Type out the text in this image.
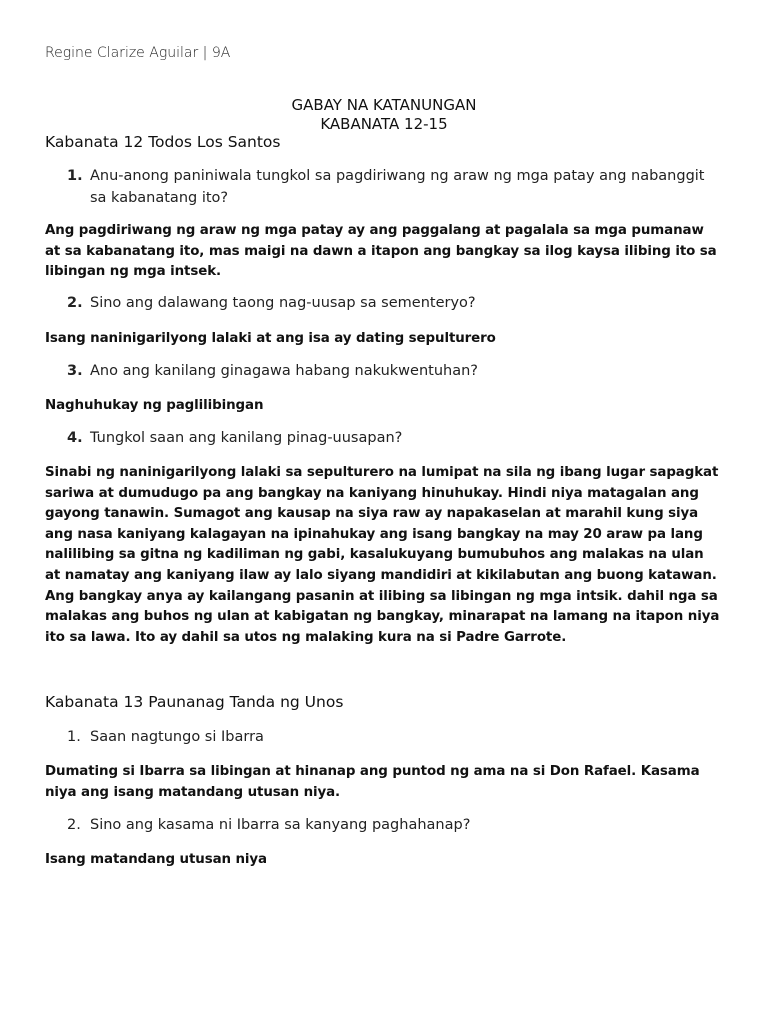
Regine Clarize Aguilar | 9A
GABAY NA KATANUNGAN
KABANATA 12-15
Kabanata 12 Todos Los Santos
1. Anu-anong paniniwala tungkol sa pagdiriwang ng araw ng mga patay ang nabanggit sa kabanatang ito?
Ang pagdiriwang ng araw ng mga patay ay ang paggalang at pagalala sa mga pumanaw at sa kabanatang ito, mas maigi na dawn a itapon ang bangkay sa ilog kaysa ilibing ito sa libingan ng mga intsek.
2. Sino ang dalawang taong nag-uusap sa sementeryo?
Isang naninigarilyong lalaki at ang isa ay dating sepulturero
3. Ano ang kanilang ginagawa habang nakukwentuhan?
Naghuhukay ng paglilibingan
4. Tungkol saan ang kanilang pinag-uusapan?
Sinabi ng naninigarilyong lalaki sa sepulturero na lumipat na sila ng ibang lugar sapagkat sariwa at dumudugo pa ang bangkay na kaniyang hinuhukay. Hindi niya matagalan ang gayong tanawin. Sumagot ang kausap na siya raw ay napakaselan at marahil kung siya ang nasa kaniyang kalagayan na ipinahukay ang isang bangkay na may 20 araw pa lang nalilibing sa gitna ng kadiliman ng gabi, kasalukuyang bumubuhos ang malakas na ulan at namatay ang kaniyang ilaw ay lalo siyang mandidiri at kikilabutan ang buong katawan. Ang bangkay anya ay kailangang pasanin at ilibing sa libingan ng mga intsik. dahil nga sa malakas ang buhos ng ulan at kabigatan ng bangkay, minarapat na lamang na itapon niya ito sa lawa. Ito ay dahil sa utos ng malaking kura na si Padre Garrote.
Kabanata 13 Paunanag Tanda ng Unos
1. Saan nagtungo si Ibarra
Dumating si Ibarra sa libingan at hinanap ang puntod ng ama na si Don Rafael. Kasama niya ang isang matandang utusan niya.
2. Sino ang kasama ni Ibarra sa kanyang paghahanap?
Isang matandang utusan niya
